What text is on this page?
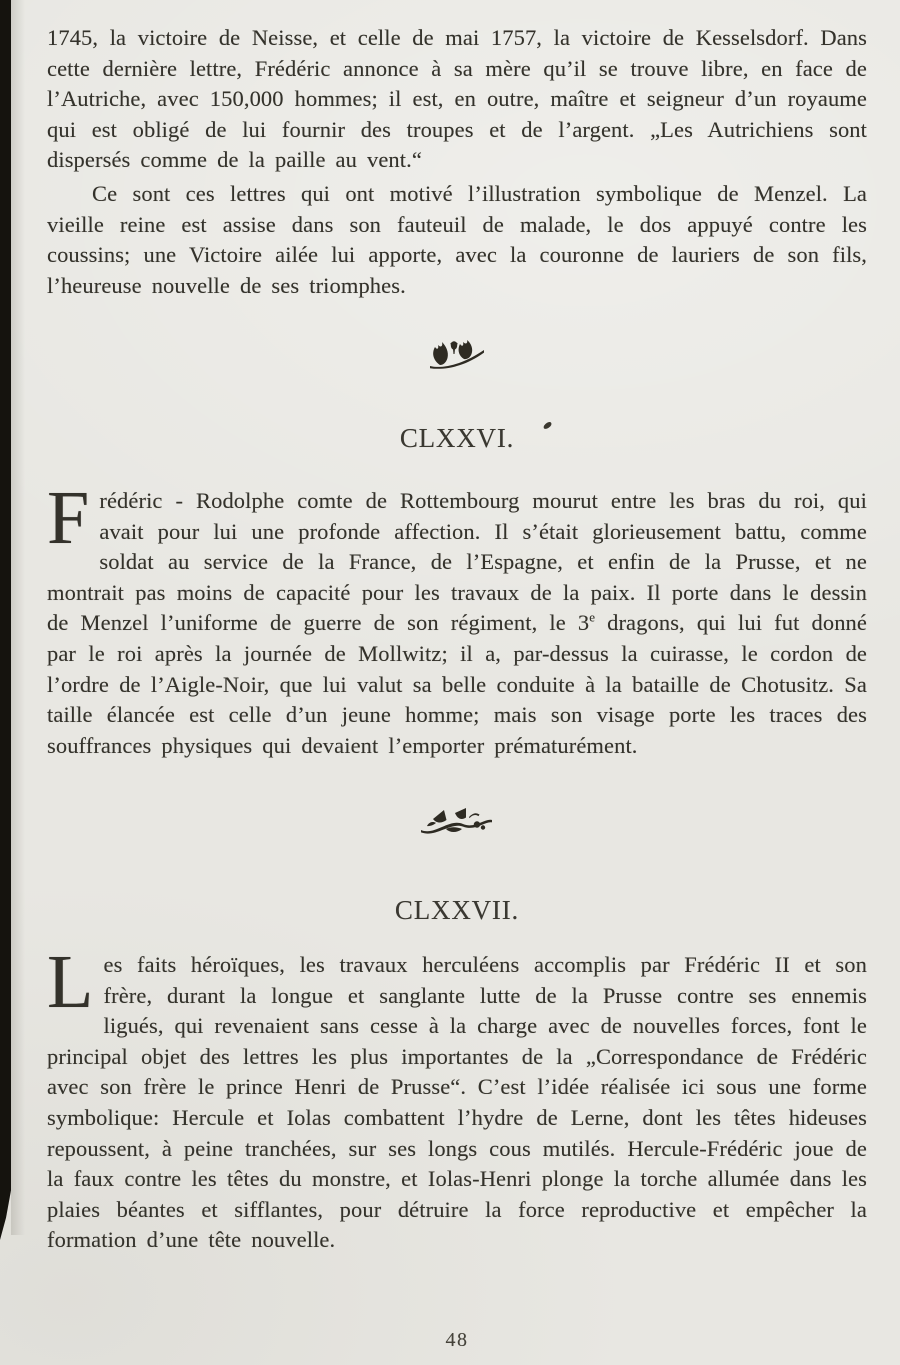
1745, la victoire de Neisse, et celle de mai 1757, la victoire de Kesselsdorf. Dans cette dernière lettre, Frédéric annonce à sa mère qu’il se trouve libre, en face de l’Autriche, avec 150,000 hommes; il est, en outre, maître et seigneur d’un royaume qui est obligé de lui fournir des troupes et de l’argent. „Les Autrichiens sont dispersés comme de la paille au vent.“

Ce sont ces lettres qui ont motivé l’illustration symbolique de Menzel. La vieille reine est assise dans son fauteuil de malade, le dos appuyé contre les coussins; une Victoire ailée lui apporte, avec la couronne de lauriers de son fils, l’heureuse nouvelle de ses triomphes.

CLXXVI.

Frédéric - Rodolphe comte de Rottembourg mourut entre les bras du roi, qui avait pour lui une profonde affection. Il s’était glorieusement battu, comme soldat au service de la France, de l’Espagne, et enfin de la Prusse, et ne montrait pas moins de capacité pour les travaux de la paix. Il porte dans le dessin de Menzel l’uniforme de guerre de son régiment, le 3e dragons, qui lui fut donné par le roi après la journée de Mollwitz; il a, par-dessus la cuirasse, le cordon de l’ordre de l’Aigle-Noir, que lui valut sa belle conduite à la bataille de Chotusitz. Sa taille élancée est celle d’un jeune homme; mais son visage porte les traces des souffrances physiques qui devaient l’emporter prématurément.

CLXXVII.

Les faits héroïques, les travaux herculéens accomplis par Frédéric II et son frère, durant la longue et sanglante lutte de la Prusse contre ses ennemis ligués, qui revenaient sans cesse à la charge avec de nouvelles forces, font le principal objet des lettres les plus importantes de la „Correspondance de Frédéric avec son frère le prince Henri de Prusse“. C’est l’idée réalisée ici sous une forme symbolique: Hercule et Iolas combattent l’hydre de Lerne, dont les têtes hideuses repoussent, à peine tranchées, sur ses longs cous mutilés. Hercule-Frédéric joue de la faux contre les têtes du monstre, et Iolas-Henri plonge la torche allumée dans les plaies béantes et sifflantes, pour détruire la force reproductive et empêcher la formation d’une tête nouvelle.

48
